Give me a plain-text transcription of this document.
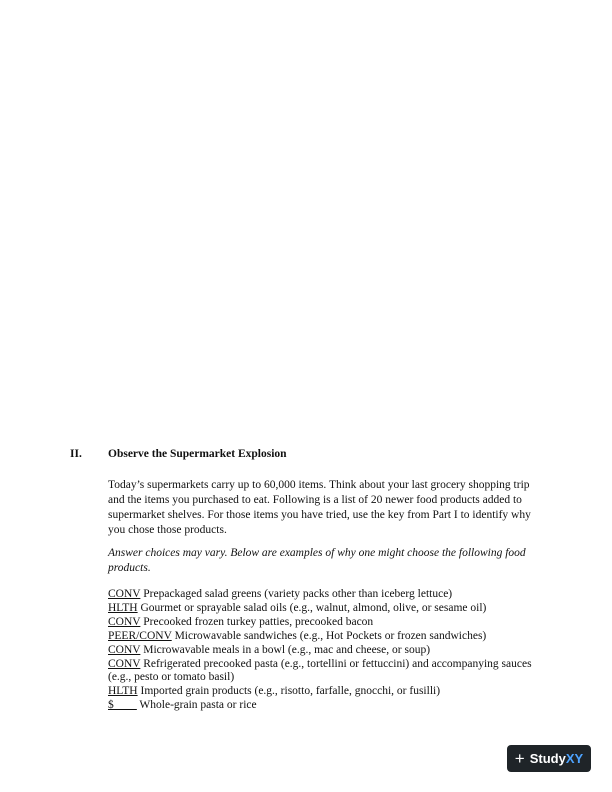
II. Observe the Supermarket Explosion
Today’s supermarkets carry up to 60,000 items. Think about your last grocery shopping trip and the items you purchased to eat. Following is a list of 20 newer food products added to supermarket shelves. For those items you have tried, use the key from Part I to identify why you chose those products.
Answer choices may vary. Below are examples of why one might choose the following food products.
CONV Prepackaged salad greens (variety packs other than iceberg lettuce)
HLTH Gourmet or sprayable salad oils (e.g., walnut, almond, olive, or sesame oil)
CONV Precooked frozen turkey patties, precooked bacon
PEER/CONV Microwavable sandwiches (e.g., Hot Pockets or frozen sandwiches)
CONV Microwavable meals in a bowl (e.g., mac and cheese, or soup)
CONV Refrigerated precooked pasta (e.g., tortellini or fettuccini) and accompanying sauces (e.g., pesto or tomato basil)
HLTH Imported grain products (e.g., risotto, farfalle, gnocchi, or fusilli)
$____ Whole-grain pasta or rice
+ Study XY
